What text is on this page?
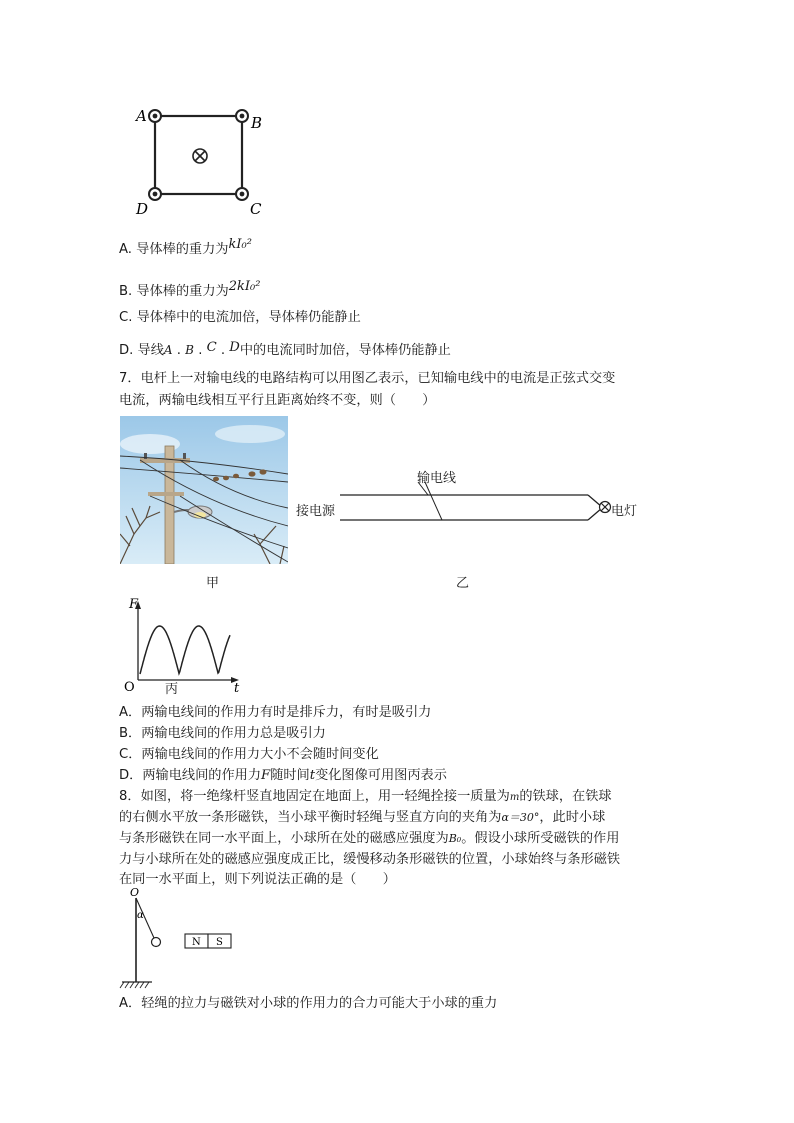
A	B
D	C
A. 导体棒的重力为kI₀²
B. 导体棒的重力为2kI₀²
C. 导体棒中的电流加倍，导体棒仍能静止
D. 导线A . B . C . D中的电流同时加倍，导体棒仍能静止
7．电杆上一对输电线的电路结构可以用图乙表示，已知输电线中的电流是正弦式交变
电流，两输电线相互平行且距离始终不变，则（　　）
甲
输电线
接电源	电灯
乙
F
t
O 丙
A．两输电线间的作用力有时是排斥力，有时是吸引力
B．两输电线间的作用力总是吸引力
C．两输电线间的作用力大小不会随时间变化
D．两输电线间的作用力F随时间t变化图像可用图丙表示
8．如图，将一绝缘杆竖直地固定在地面上，用一轻绳拴接一质量为m的铁球，在铁球
的右侧水平放一条形磁铁，当小球平衡时轻绳与竖直方向的夹角为α＝30°，此时小球
与条形磁铁在同一水平面上，小球所在处的磁感应强度为B₀。假设小球所受磁铁的作用
力与小球所在处的磁感应强度成正比，缓慢移动条形磁铁的位置，小球始终与条形磁铁
在同一水平面上，则下列说法正确的是（　　）
O
α
N S
A．轻绳的拉力与磁铁对小球的作用力的合力可能大于小球的重力
